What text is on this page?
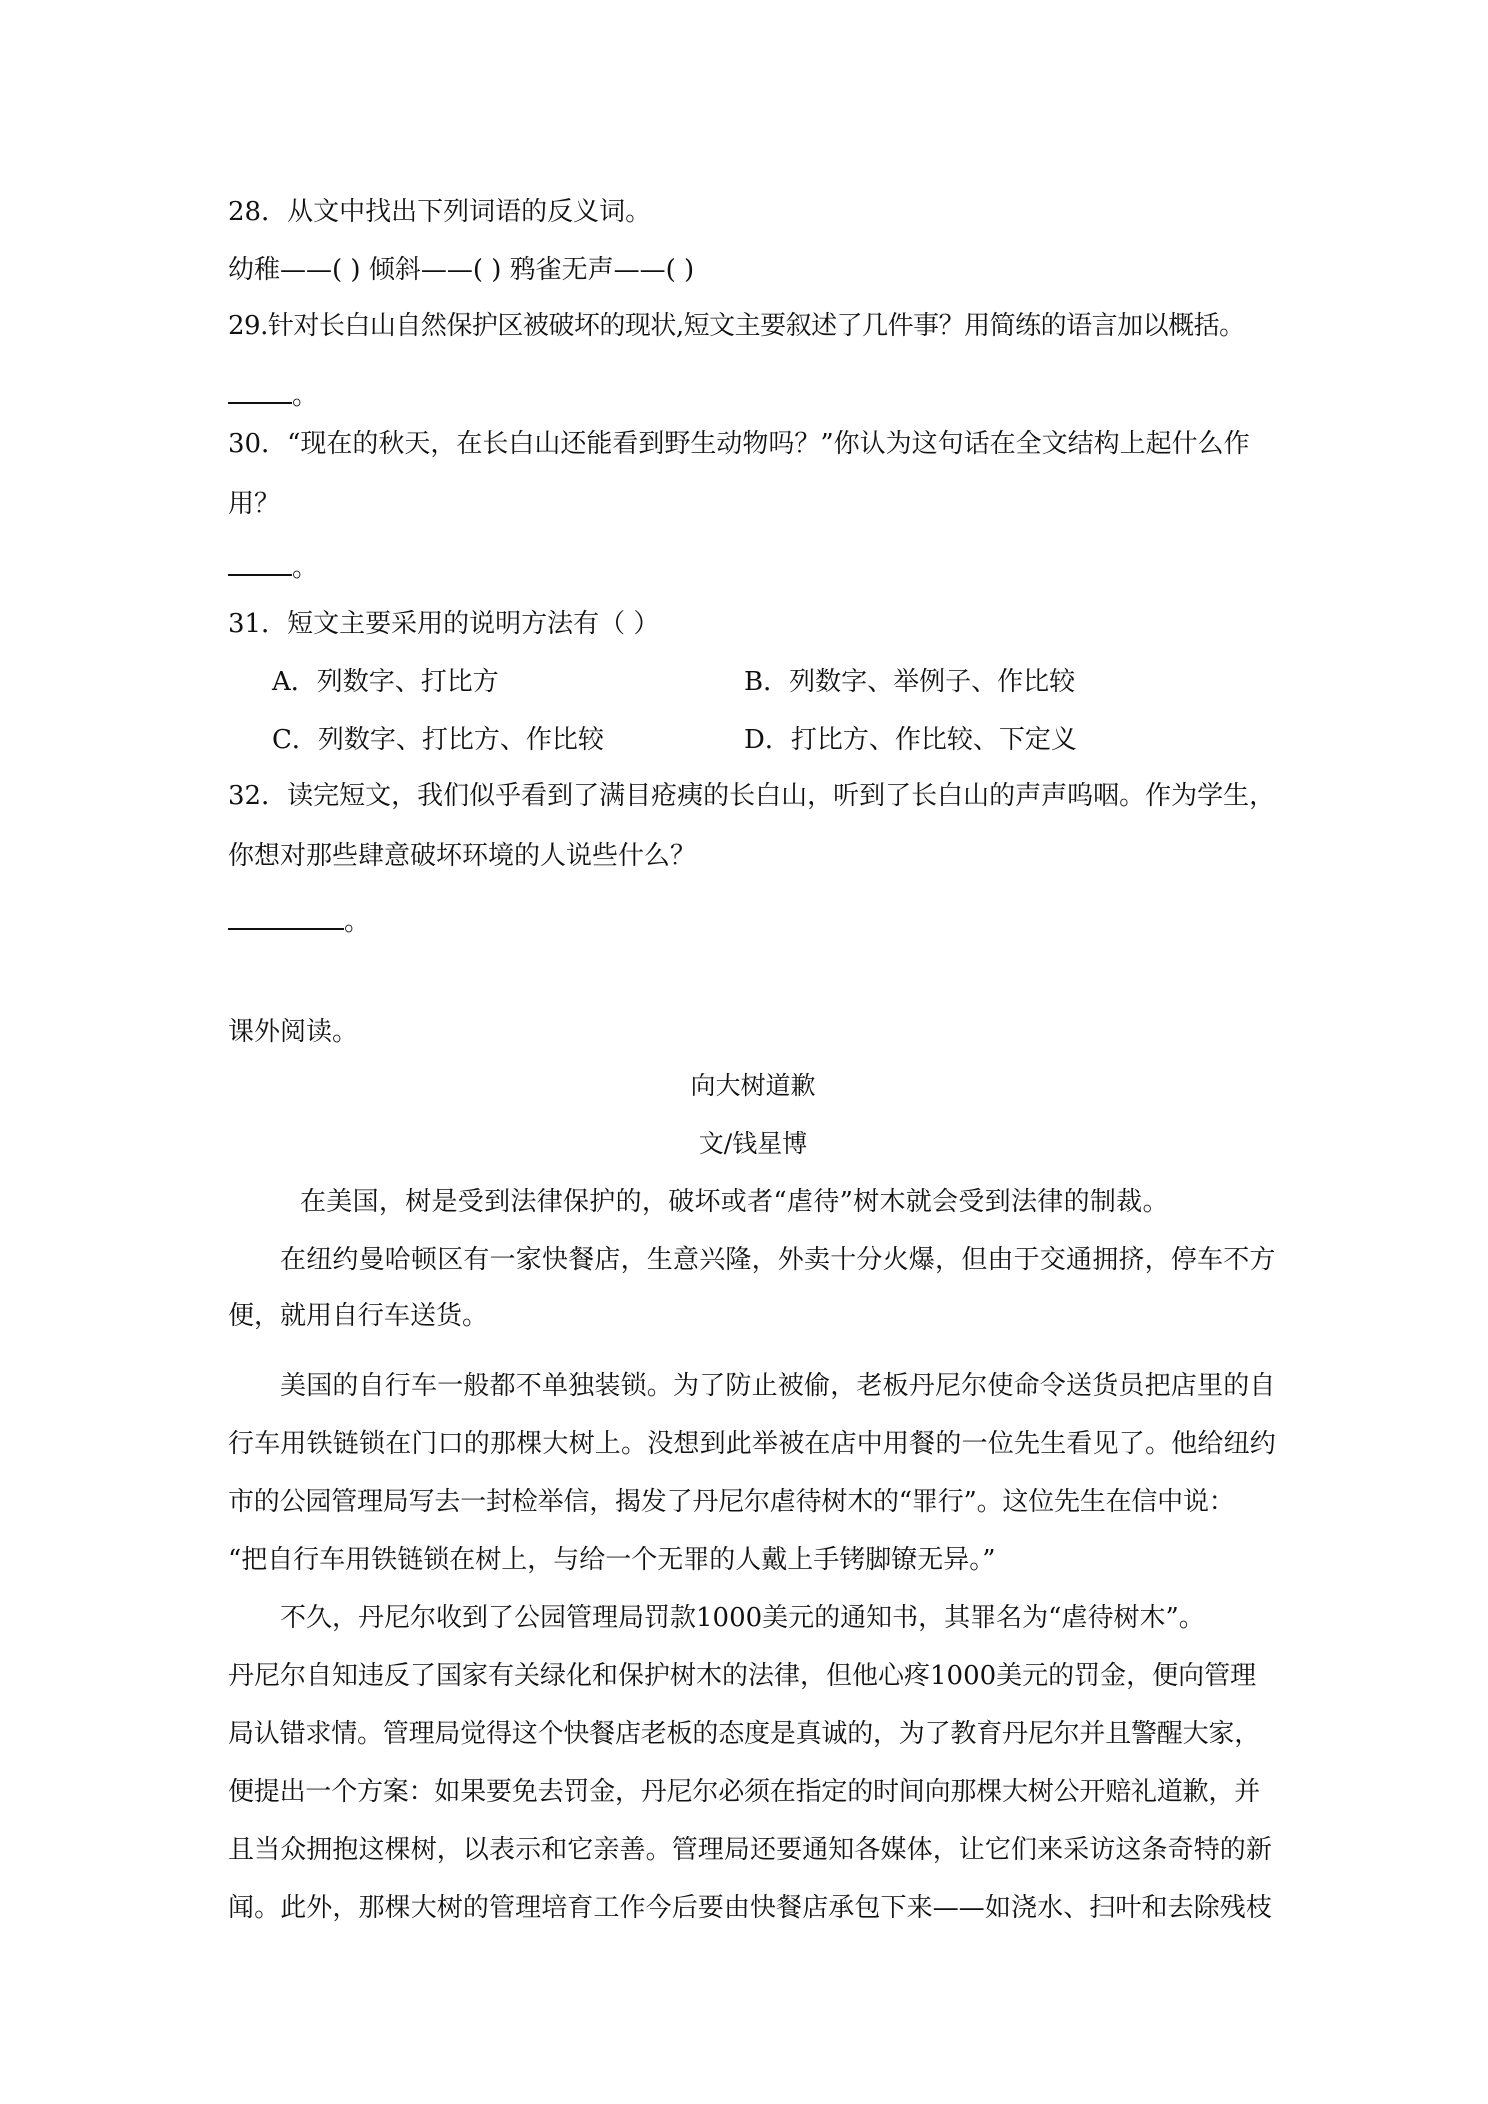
28．从文中找出下列词语的反义词。
幼稚——( ) 倾斜——( ) 鸦雀无声——( )
29.针对长白山自然保护区被破坏的现状,短文主要叙述了几件事？用简练的语言加以概括。
。
30．“现在的秋天，在长白山还能看到野生动物吗？”你认为这句话在全文结构上起什么作
用？
。
31．短文主要采用的说明方法有（ ）
A．列数字、打比方	B．列数字、举例子、作比较
C．列数字、打比方、作比较	D．打比方、作比较、下定义
32．读完短文，我们似乎看到了满目疮痍的长白山，听到了长白山的声声呜咽。作为学生，
你想对那些肆意破坏环境的人说些什么？
。
课外阅读。
向大树道歉
文/钱星博
在美国，树是受到法律保护的，破坏或者“虐待”树木就会受到法律的制裁。
在纽约曼哈顿区有一家快餐店，生意兴隆，外卖十分火爆，但由于交通拥挤，停车不方
便，就用自行车送货。
美国的自行车一般都不单独装锁。为了防止被偷，老板丹尼尔使命令送货员把店里的自
行车用铁链锁在门口的那棵大树上。没想到此举被在店中用餐的一位先生看见了。他给纽约
市的公园管理局写去一封检举信，揭发了丹尼尔虐待树木的“罪行”。这位先生在信中说：
“把自行车用铁链锁在树上，与给一个无罪的人戴上手铐脚镣无异。”
不久，丹尼尔收到了公园管理局罚款1000美元的通知书，其罪名为“虐待树木”。
丹尼尔自知违反了国家有关绿化和保护树木的法律，但他心疼1000美元的罚金，便向管理
局认错求情。管理局觉得这个快餐店老板的态度是真诚的，为了教育丹尼尔并且警醒大家，
便提出一个方案：如果要免去罚金，丹尼尔必须在指定的时间向那棵大树公开赔礼道歉，并
且当众拥抱这棵树，以表示和它亲善。管理局还要通知各媒体，让它们来采访这条奇特的新
闻。此外，那棵大树的管理培育工作今后要由快餐店承包下来——如浇水、扫叶和去除残枝
